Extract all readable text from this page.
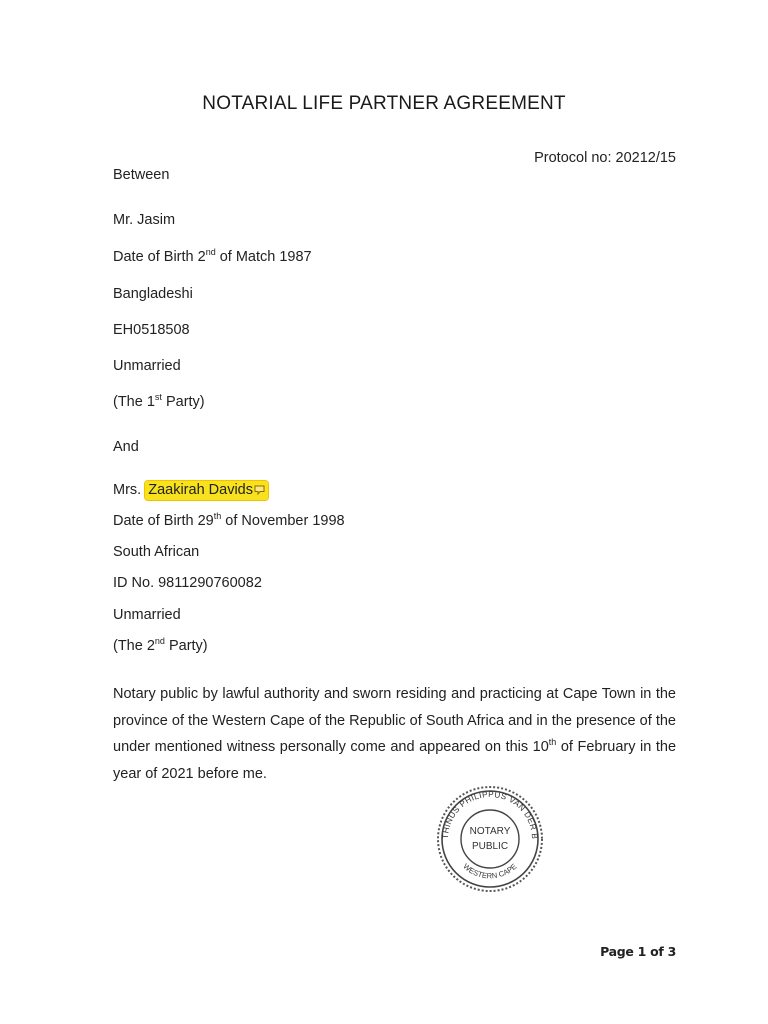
NOTARIAL LIFE PARTNER AGREEMENT
Protocol no: 20212/15
Between
Mr. Jasim
Date of Birth 2nd of Match 1987
Bangladeshi
EH0518508
Unmarried
(The 1st Party)
And
Mrs. Zaakirah Davids
Date of Birth 29th of November 1998
South African
ID No. 9811290760082
Unmarried
(The 2nd Party)
Notary public by lawful authority and sworn residing and practicing at Cape Town in the province of the Western Cape of the Republic of South Africa and in the presence of the under mentioned witness personally come and appeared on this 10th of February in the year of 2021 before me.
THINUS PHILIPPUS VAN DER B
WESTERN CAPE
NOTARY
PUBLIC
Page 1 of 3
